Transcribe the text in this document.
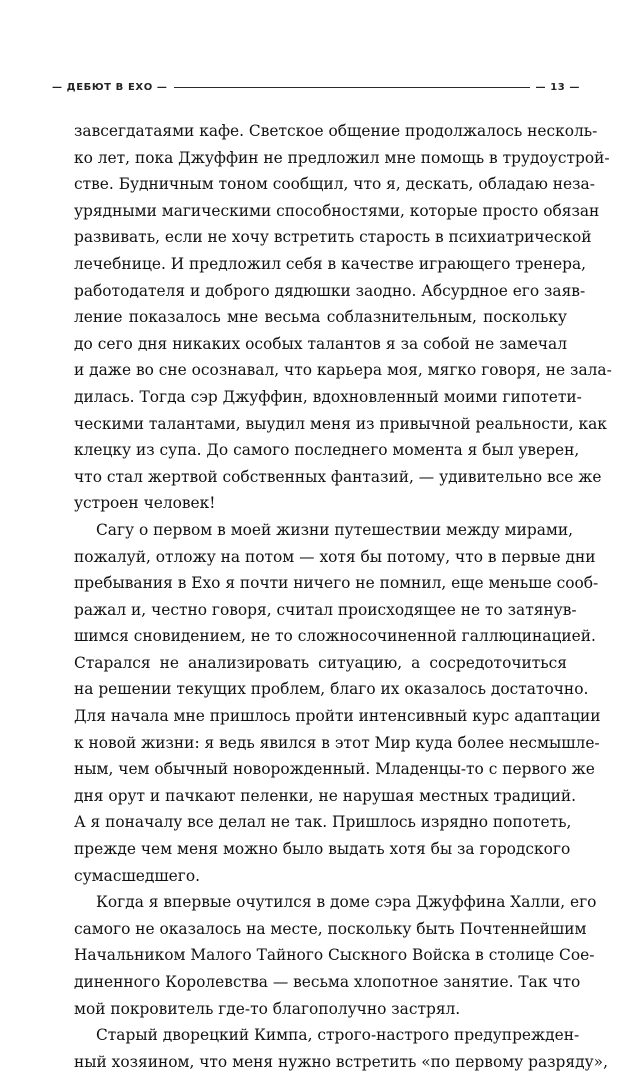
— ДЕБЮТ В ЕХО —	— 13 —
завсегдатаями кафе. Светское общение продолжалось несколь-
ко лет, пока Джуффин не предложил мне помощь в трудоустрой-
стве. Будничным тоном сообщил, что я, дескать, обладаю неза-
урядными магическими способностями, которые просто обязан
развивать, если не хочу встретить старость в психиатрической
лечебнице. И предложил себя в качестве играющего тренера,
работодателя и доброго дядюшки заодно. Абсурдное его заяв-
ление показалось мне весьма соблазнительным, поскольку
до сего дня никаких особых талантов я за собой не замечал
и даже во сне осознавал, что карьера моя, мягко говоря, не зала-
дилась. Тогда сэр Джуффин, вдохновленный моими гипотети-
ческими талантами, выудил меня из привычной реальности, как
клецку из супа. До самого последнего момента я был уверен,
что стал жертвой собственных фантазий, — удивительно все же
устроен человек!
Сагу о первом в моей жизни путешествии между мирами,
пожалуй, отложу на потом — хотя бы потому, что в первые дни
пребывания в Ехо я почти ничего не помнил, еще меньше сооб-
ражал и, честно говоря, считал происходящее не то затянув-
шимся сновидением, не то сложносочиненной галлюцинацией.
Старался не анализировать ситуацию, а сосредоточиться
на решении текущих проблем, благо их оказалось достаточно.
Для начала мне пришлось пройти интенсивный курс адаптации
к новой жизни: я ведь явился в этот Мир куда более несмышле-
ным, чем обычный новорожденный. Младенцы-то с первого же
дня орут и пачкают пеленки, не нарушая местных традиций.
А я поначалу все делал не так. Пришлось изрядно попотеть,
прежде чем меня можно было выдать хотя бы за городского
сумасшедшего.
Когда я впервые очутился в доме сэра Джуффина Халли, его
самого не оказалось на месте, поскольку быть Почтеннейшим
Начальником Малого Тайного Сыскного Войска в столице Сое-
диненного Королевства — весьма хлопотное занятие. Так что
мой покровитель где-то благополучно застрял.
Старый дворецкий Кимпа, строго-настрого предупрежден-
ный хозяином, что меня нужно встретить «по первому разряду»,
